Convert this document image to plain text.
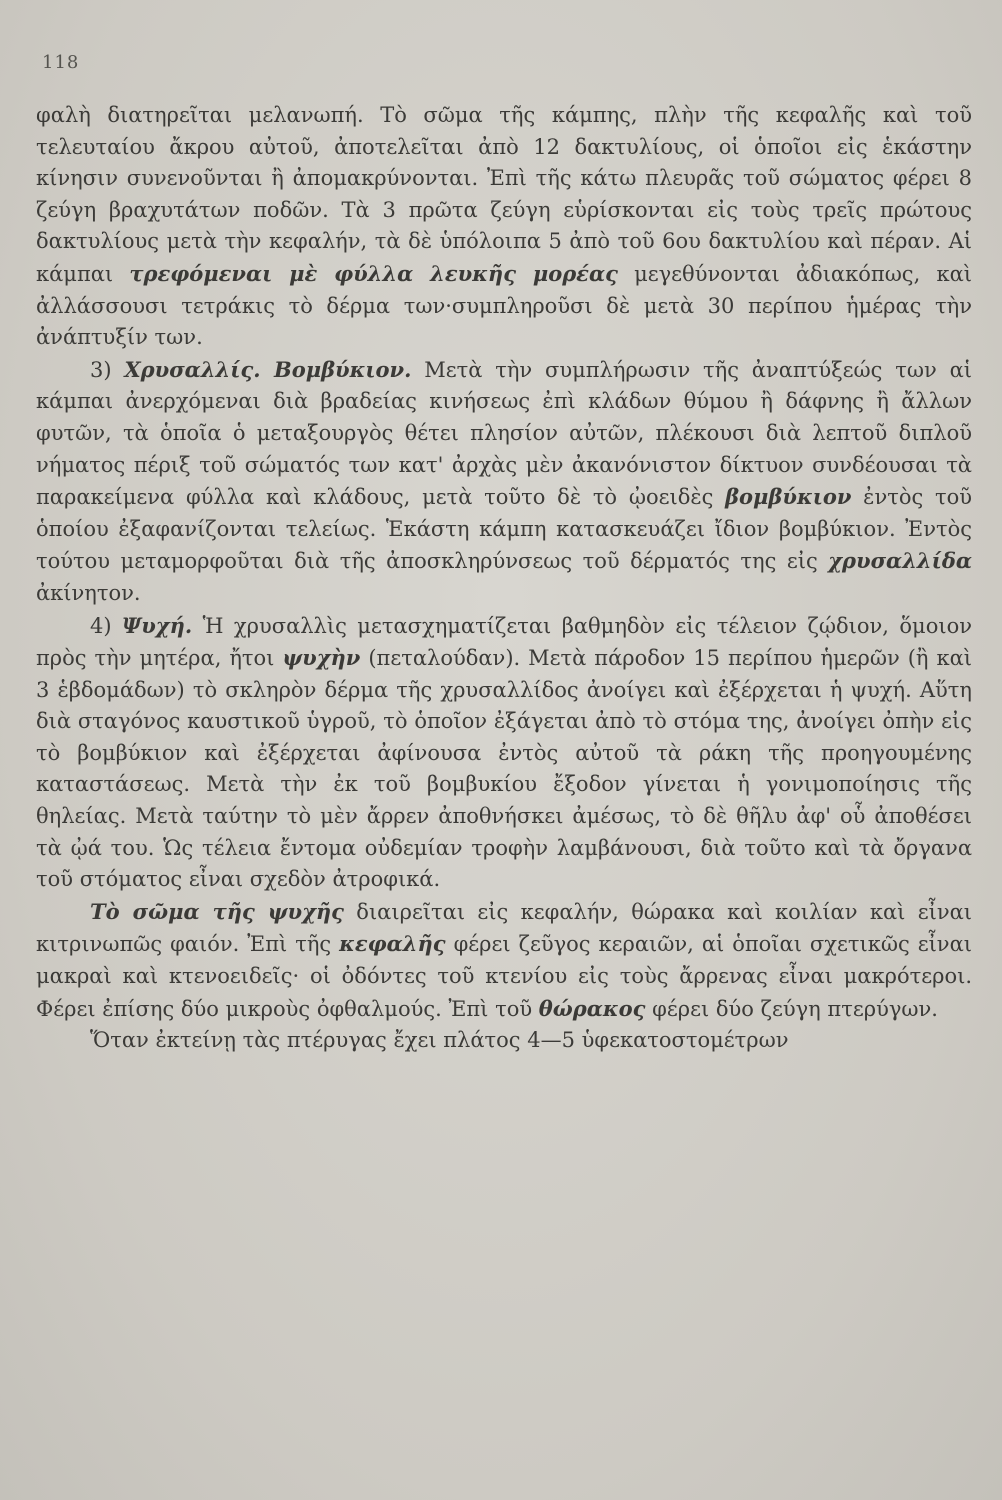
118

φαλὴ διατηρεῖται μελανωπή. Τὸ σῶμα τῆς κάμπης, πλὴν τῆς κεφαλῆς καὶ τοῦ τελευταίου ἄκρου αὐτοῦ, ἀποτελεῖται ἀπὸ 12 δακτυλίους, οἱ ὁποῖοι εἰς ἑκάστην κίνησιν συνενοῦνται ἢ ἀπομακρύνονται. Ἐπὶ τῆς κάτω πλευρᾶς τοῦ σώματος φέρει 8 ζεύγη βραχυτάτων ποδῶν. Τὰ 3 πρῶτα ζεύγη εὑρίσκονται εἰς τοὺς τρεῖς πρώτους δακτυλίους μετὰ τὴν κεφαλήν, τὰ δὲ ὑπόλοιπα 5 ἀπὸ τοῦ 6ου δακτυλίου καὶ πέραν. Αἱ κάμπαι τρεφόμεναι μὲ φύλλα λευκῆς μορέας μεγεθύνονται ἀδιακόπως, καὶ ἀλλάσσουσι τετράκις τὸ δέρμα των·συμπληροῦσι δὲ μετὰ 30 περίπου ἡμέρας τὴν ἀνάπτυξίν των.

3) Χρυσαλλίς. Βομβύκιον. Μετὰ τὴν συμπλήρωσιν τῆς ἀναπτύξεώς των αἱ κάμπαι ἀνερχόμεναι διὰ βραδείας κινήσεως ἐπὶ κλάδων θύμου ἢ δάφνης ἢ ἄλλων φυτῶν, τὰ ὁποῖα ὁ μεταξουργὸς θέτει πλησίον αὐτῶν, πλέκουσι διὰ λεπτοῦ διπλοῦ νήματος πέριξ τοῦ σώματός των κατ' ἀρχὰς μὲν ἀκανόνιστον δίκτυον συνδέουσαι τὰ παρακείμενα φύλλα καὶ κλάδους, μετὰ τοῦτο δὲ τὸ ᾠοειδὲς βομβύκιον ἐντὸς τοῦ ὁποίου ἐξαφανίζονται τελείως. Ἑκάστη κάμπη κατασκευάζει ἴδιον βομβύκιον. Ἐντὸς τούτου μεταμορφοῦται διὰ τῆς ἀποσκληρύνσεως τοῦ δέρματός της εἰς χρυσαλλίδα ἀκίνητον.

4) Ψυχή. Ἡ χρυσαλλὶς μετασχηματίζεται βαθμηδὸν εἰς τέλειον ζῴδιον, ὅμοιον πρὸς τὴν μητέρα, ἤτοι ψυχὴν (πεταλούδαν). Μετὰ πάροδον 15 περίπου ἡμερῶν (ἢ καὶ 3 ἑβδομάδων) τὸ σκληρὸν δέρμα τῆς χρυσαλλίδος ἀνοίγει καὶ ἐξέρχεται ἡ ψυχή. Αὕτη διὰ σταγόνος καυστικοῦ ὑγροῦ, τὸ ὁποῖον ἐξάγεται ἀπὸ τὸ στόμα της, ἀνοίγει ὀπὴν εἰς τὸ βομβύκιον καὶ ἐξέρχεται ἀφίνουσα ἐντὸς αὐτοῦ τὰ ράκη τῆς προηγουμένης καταστάσεως. Μετὰ τὴν ἐκ τοῦ βομβυκίου ἔξοδον γίνεται ἡ γονιμοποίησις τῆς θηλείας. Μετὰ ταύτην τὸ μὲν ἄρρεν ἀποθνήσκει ἀμέσως, τὸ δὲ θῆλυ ἀφ' οὗ ἀποθέσει τὰ ᾠά του. Ὡς τέλεια ἔντομα οὐδεμίαν τροφὴν λαμβάνουσι, διὰ τοῦτο καὶ τὰ ὄργανα τοῦ στόματος εἶναι σχεδὸν ἀτροφικά.

Τὸ σῶμα τῆς ψυχῆς διαιρεῖται εἰς κεφαλήν, θώρακα καὶ κοιλίαν καὶ εἶναι κιτρινωπῶς φαιόν. Ἐπὶ τῆς κεφαλῆς φέρει ζεῦγος κεραιῶν, αἱ ὁποῖαι σχετικῶς εἶναι μακραὶ καὶ κτενοειδεῖς· οἱ ὀδόντες τοῦ κτενίου εἰς τοὺς ἄρρενας εἶναι μακρότεροι. Φέρει ἐπίσης δύο μικροὺς ὀφθαλμούς. Ἐπὶ τοῦ θώρακος φέρει δύο ζεύγη πτερύγων.

Ὅταν ἐκτείνῃ τὰς πτέρυγας ἔχει πλάτος 4—5 ὑφεκατοστομέτρων
